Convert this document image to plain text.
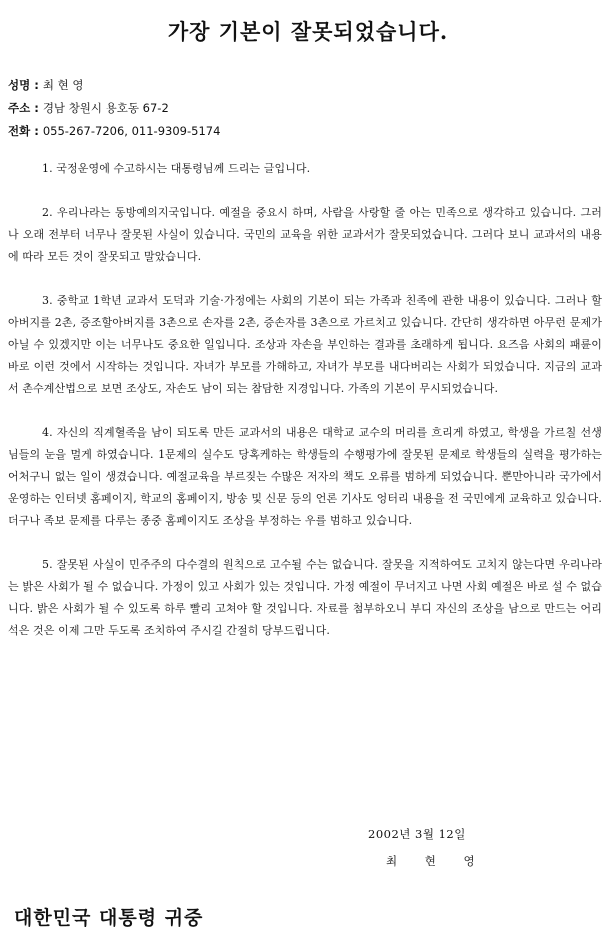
가장 기본이 잘못되었습니다.
성명 : 최 현 영
주소 : 경남 창원시 용호동 67-2
전화 : 055-267-7206, 011-9309-5174

1. 국정운영에 수고하시는 대통령님께 드리는 글입니다.

2. 우리나라는 동방예의지국입니다. 예절을 중요시 하며, 사람을 사랑할 줄 아는 민족으로 생각하고 있습니다. 그러나 오래 전부터 너무나 잘못된 사실이 있습니다. 국민의 교육을 위한 교과서가 잘못되었습니다. 그러다 보니 교과서의 내용에 따라 모든 것이 잘못되고 말았습니다.

3. 중학교 1학년 교과서 도덕과 기술·가정에는 사회의 기본이 되는 가족과 친족에 관한 내용이 있습니다. 그러나 할아버지를 2촌, 증조할아버지를 3촌으로 손자를 2촌, 증손자를 3촌으로 가르치고 있습니다. 간단히 생각하면 아무런 문제가 아닐 수 있겠지만 이는 너무나도 중요한 일입니다. 조상과 자손을 부인하는 결과를 초래하게 됩니다. 요즈음 사회의 패륜이 바로 이런 것에서 시작하는 것입니다. 자녀가 부모를 가해하고, 자녀가 부모를 내다버리는 사회가 되었습니다. 지금의 교과서 촌수계산법으로 보면 조상도, 자손도 남이 되는 참담한 지경입니다. 가족의 기본이 무시되었습니다.

4. 자신의 직계혈족을 남이 되도록 만든 교과서의 내용은 대학교 교수의 머리를 흐리게 하였고, 학생을 가르칠 선생님들의 눈을 멀게 하였습니다. 1문제의 실수도 당혹케하는 학생들의 수행평가에 잘못된 문제로 학생들의 실력을 평가하는 어처구니 없는 일이 생겼습니다. 예절교육을 부르짖는 수많은 저자의 책도 오류를 범하게 되었습니다. 뿐만아니라 국가에서 운영하는 인터넷 홈페이지, 학교의 홈페이지, 방송 및 신문 등의 언론 기사도 엉터리 내용을 전 국민에게 교육하고 있습니다. 더구나 족보 문제를 다루는 종중 홈페이지도 조상을 부정하는 우를 범하고 있습니다.

5. 잘못된 사실이 민주주의 다수결의 원칙으로 고수될 수는 없습니다. 잘못을 지적하여도 고치지 않는다면 우리나라는 밝은 사회가 될 수 없습니다. 가정이 있고 사회가 있는 것입니다. 가정 예절이 무너지고 나면 사회 예절은 바로 설 수 없습니다. 밝은 사회가 될 수 있도록 하루 빨리 고쳐야 할 것입니다. 자료를 첨부하오니 부디 자신의 조상을 남으로 만드는 어리석은 것은 이제 그만 두도록 조치하여 주시길 간절히 당부드립니다.

2002년 3월 12일
최 현 영
대한민국 대통령 귀중
